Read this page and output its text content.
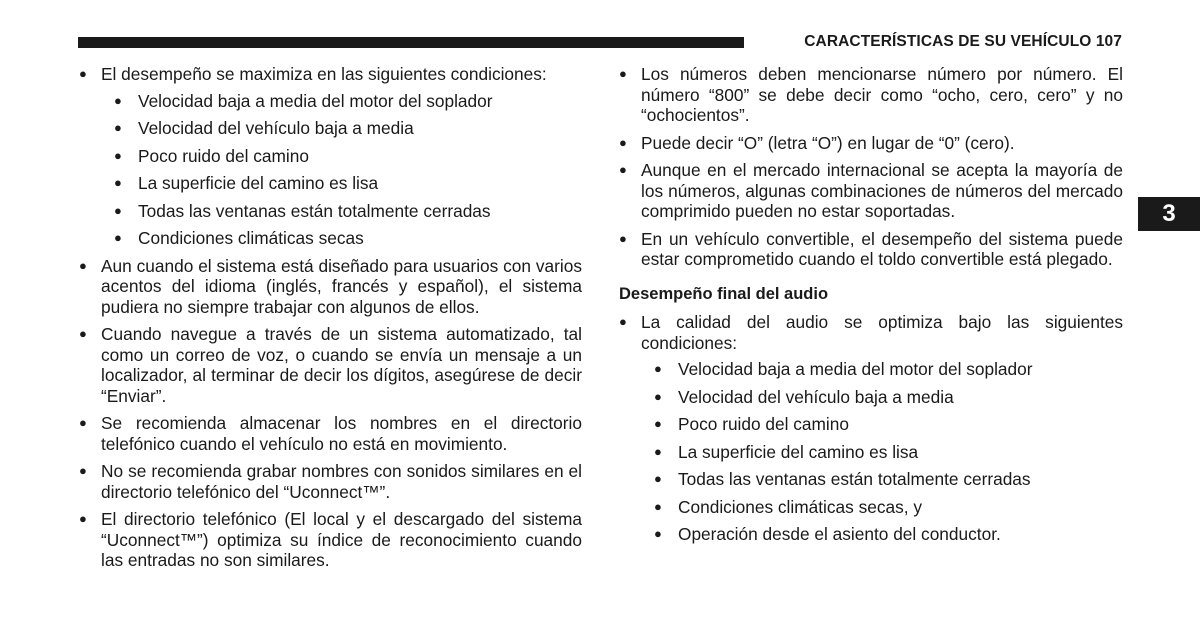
CARACTERÍSTICAS DE SU VEHÍCULO 107
3
● El desempeño se maximiza en las siguientes condiciones:
● Velocidad baja a media del motor del soplador
● Velocidad del vehículo baja a media
● Poco ruido del camino
● La superficie del camino es lisa
● Todas las ventanas están totalmente cerradas
● Condiciones climáticas secas
● Aun cuando el sistema está diseñado para usuarios con varios acentos del idioma (inglés, francés y español), el sistema pudiera no siempre trabajar con algunos de ellos.
● Cuando navegue a través de un sistema automatizado, tal como un correo de voz, o cuando se envía un mensaje a un localizador, al terminar de decir los dígitos, asegúrese de decir “Enviar”.
● Se recomienda almacenar los nombres en el directorio telefónico cuando el vehículo no está en movimiento.
● No se recomienda grabar nombres con sonidos similares en el directorio telefónico del “Uconnect™”.
● El directorio telefónico (El local y el descargado del sistema “Uconnect™”) optimiza su índice de reconocimiento cuando las entradas no son similares.
● Los números deben mencionarse número por número. El número “800” se debe decir como “ocho, cero, cero” y no “ochocientos”.
● Puede decir “O” (letra “O”) en lugar de “0” (cero).
● Aunque en el mercado internacional se acepta la mayoría de los números, algunas combinaciones de números del mercado comprimido pueden no estar soportadas.
● En un vehículo convertible, el desempeño del sistema puede estar comprometido cuando el toldo convertible está plegado.
Desempeño final del audio
● La calidad del audio se optimiza bajo las siguientes condiciones:
● Velocidad baja a media del motor del soplador
● Velocidad del vehículo baja a media
● Poco ruido del camino
● La superficie del camino es lisa
● Todas las ventanas están totalmente cerradas
● Condiciones climáticas secas, y
● Operación desde el asiento del conductor.
